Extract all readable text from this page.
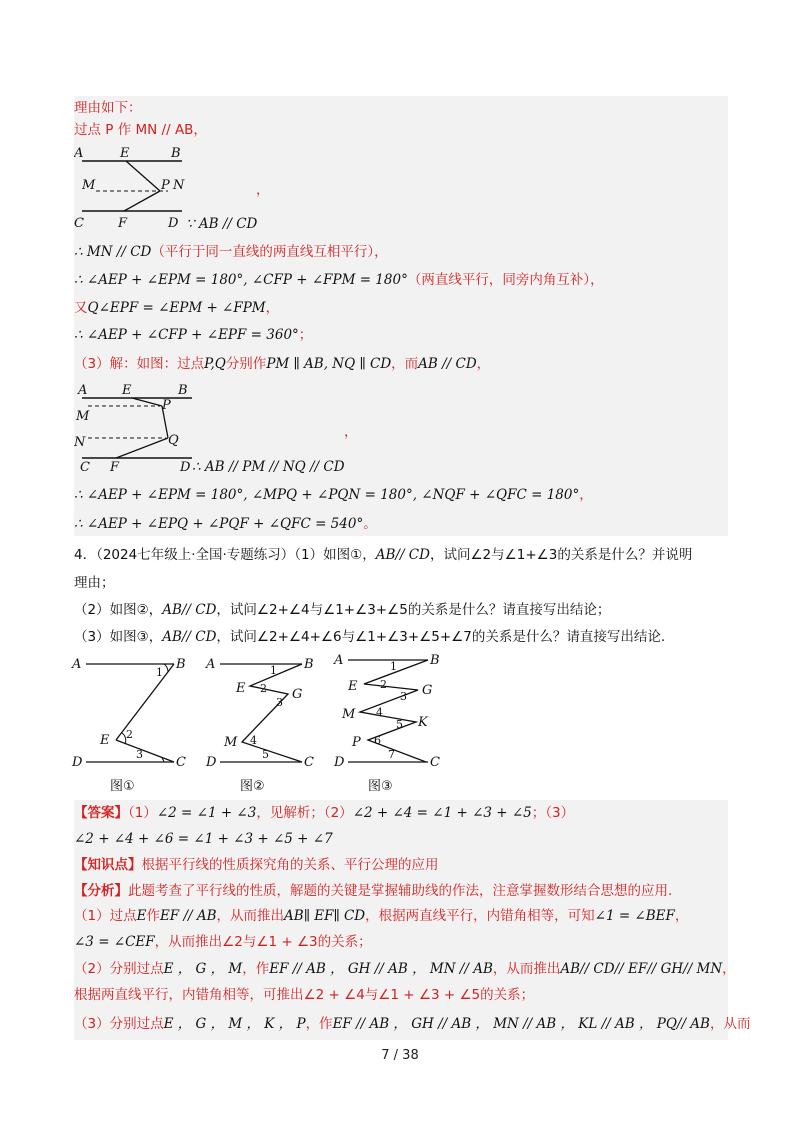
理由如下：
过点 P 作 MN // AB，
A	E	B
M	P N
C	F	D
，
∵ AB // CD
∴ MN // CD（平行于同一直线的两直线互相平行），
∴ ∠AEP + ∠EPM = 180°, ∠CFP + ∠FPM = 180°（两直线平行，同旁内角互补），
又Q∠EPF = ∠EPM + ∠FPM，
∴ ∠AEP + ∠CFP + ∠EPF = 360°；
（3）解：如图：过点P,Q分别作PM ∥ AB, NQ ∥ CD，而AB // CD，
A	E	B
M
P
N	Q
C F	D
，
∴ AB // PM // NQ // CD
∴ ∠AEP + ∠EPM = 180°, ∠MPQ + ∠PQN = 180°, ∠NQF + ∠QFC = 180°，
∴ ∠AEP + ∠EPQ + ∠PQF + ∠QFC = 540°。
4．（2024七年级上·全国·专题练习）（1）如图①，AB// CD，试问∠2与∠1+∠3的关系是什么？并说明
理由；
（2）如图②，AB// CD，试问∠2+∠4与∠1+∠3+∠5的关系是什么？请直接写出结论；
（3）如图③，AB// CD，试问∠2+∠4+∠6与∠1+∠3+∠5+∠7的关系是什么？请直接写出结论.
A	B
E
D	C
1
2
3
图①
A	B
E	G
M
D	C
1
2
3
4
5
图②
A	B
E	G
M
K
P
D	C
1
2
3
4
5
6
7
图③
【答案】（1）∠2 = ∠1 + ∠3，见解析；（2）∠2 + ∠4 = ∠1 + ∠3 + ∠5；（3）
∠2 + ∠4 + ∠6 = ∠1 + ∠3 + ∠5 + ∠7
【知识点】根据平行线的性质探究角的关系、平行公理的应用
【分析】此题考查了平行线的性质，解题的关键是掌握辅助线的作法，注意掌握数形结合思想的应用.
（1）过点E作EF // AB，从而推出AB∥ EF∥ CD，根据两直线平行，内错角相等，可知∠1 = ∠BEF，
∠3 = ∠CEF，从而推出∠2与∠1 + ∠3的关系；
（2）分别过点E ， G ， M，作EF // AB ， GH // AB ， MN // AB，从而推出AB// CD// EF// GH// MN，
根据两直线平行，内错角相等，可推出∠2 + ∠4与∠1 + ∠3 + ∠5的关系；
（3）分别过点E ， G ， M ， K ， P，作EF // AB ， GH // AB ， MN // AB ， KL // AB ， PQ// AB，从而
7 / 38
